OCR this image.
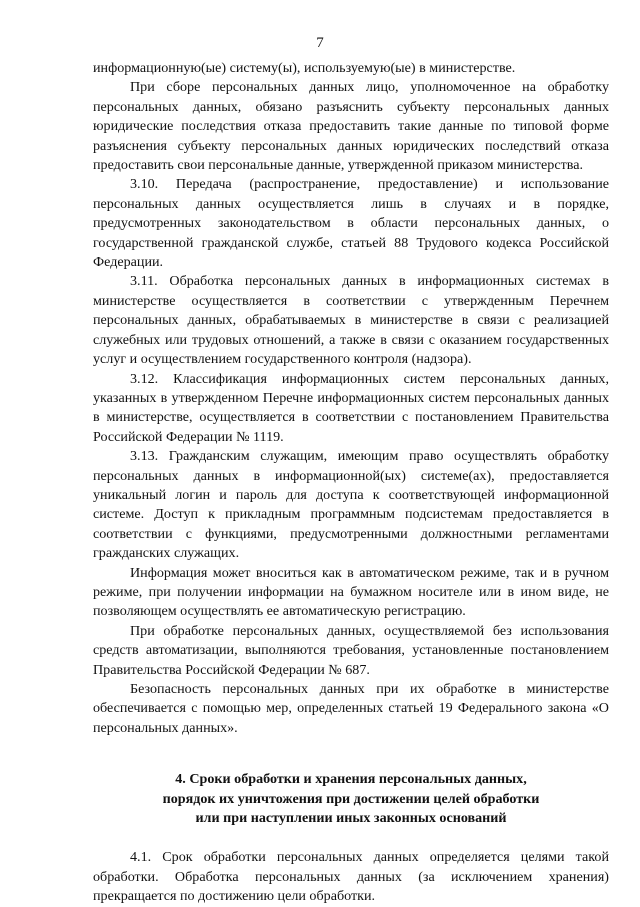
7

информационную(ые) систему(ы), используемую(ые) в министерстве.

При сборе персональных данных лицо, уполномоченное на обработку персональных данных, обязано разъяснить субъекту персональных данных юридические последствия отказа предоставить такие данные по типовой форме разъяснения субъекту персональных данных юридических последствий отказа предоставить свои персональные данные, утвержденной приказом министерства.

3.10. Передача (распространение, предоставление) и использование персональных данных осуществляется лишь в случаях и в порядке, предусмотренных законодательством в области персональных данных, о государственной гражданской службе, статьей 88 Трудового кодекса Российской Федерации.

3.11. Обработка персональных данных в информационных системах в министерстве осуществляется в соответствии с утвержденным Перечнем персональных данных, обрабатываемых в министерстве в связи с реализацией служебных или трудовых отношений, а также в связи с оказанием государственных услуг и осуществлением государственного контроля (надзора).

3.12. Классификация информационных систем персональных данных, указанных в утвержденном Перечне информационных систем персональных данных в министерстве, осуществляется в соответствии с постановлением Правительства Российской Федерации № 1119.

3.13. Гражданским служащим, имеющим право осуществлять обработку персональных данных в информационной(ых) системе(ах), предоставляется уникальный логин и пароль для доступа к соответствующей информационной системе. Доступ к прикладным программным подсистемам предоставляется в соответствии с функциями, предусмотренными должностными регламентами гражданских служащих.

Информация может вноситься как в автоматическом режиме, так и в ручном режиме, при получении информации на бумажном носителе или в ином виде, не позволяющем осуществлять ее автоматическую регистрацию.

При обработке персональных данных, осуществляемой без использования средств автоматизации, выполняются требования, установленные постановлением Правительства Российской Федерации № 687.

Безопасность персональных данных при их обработке в министерстве обеспечивается с помощью мер, определенных статьей 19 Федерального закона «О персональных данных».

4. Сроки обработки и хранения персональных данных,
порядок их уничтожения при достижении целей обработки
или при наступлении иных законных оснований

4.1. Срок обработки персональных данных определяется целями такой обработки. Обработка персональных данных (за исключением хранения) прекращается по достижению цели обработки.
